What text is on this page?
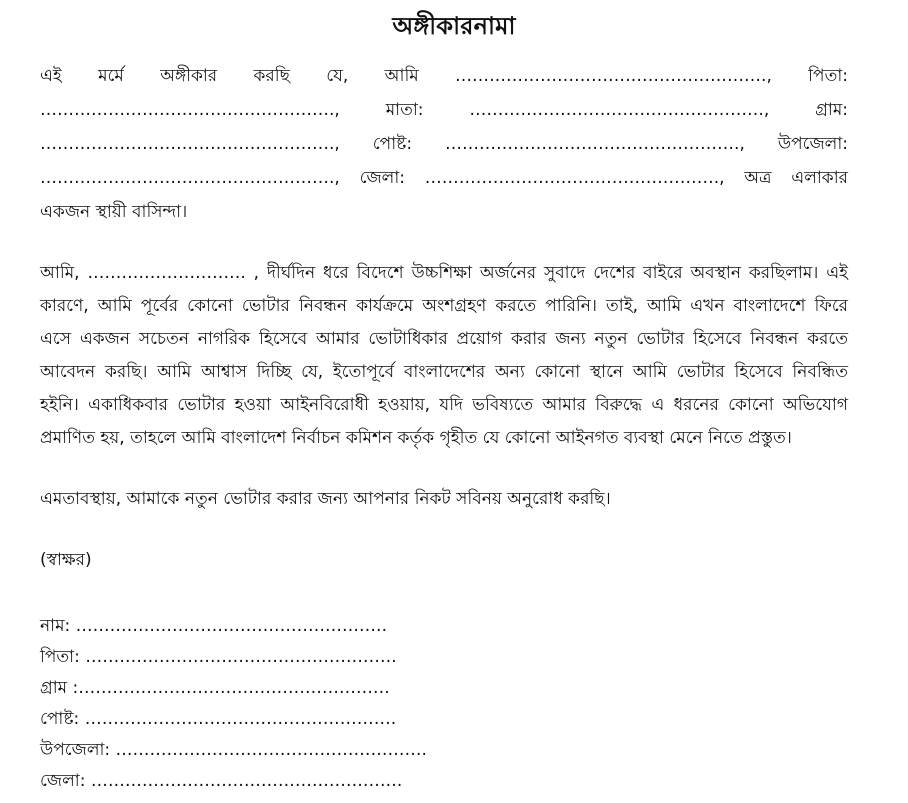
অঙ্গীকারনামা
এই মর্মে অঙ্গীকার করছি যে, আমি ………………………………………………., পিতা:
……………………………………………., মাতা: ……………………………………………., গ্রাম:
……………………………………………., পোষ্ট: ……………………………………………., উপজেলা:
……………………………………………., জেলা: ……………………………………………., অত্র এলাকার
একজন স্থায়ী বাসিন্দা।
আমি, ………………………. , দীর্ঘদিন ধরে বিদেশে উচ্চশিক্ষা অর্জনের সুবাদে দেশের বাইরে অবস্থান করছিলাম। এই
কারণে, আমি পূর্বের কোনো ভোটার নিবন্ধন কার্যক্রমে অংশগ্রহণ করতে পারিনি। তাই, আমি এখন বাংলাদেশে ফিরে
এসে একজন সচেতন নাগরিক হিসেবে আমার ভোটাধিকার প্রয়োগ করার জন্য নতুন ভোটার হিসেবে নিবন্ধন করতে
আবেদন করছি। আমি আশ্বাস দিচ্ছি যে, ইতোপূর্বে বাংলাদেশের অন্য কোনো স্থানে আমি ভোটার হিসেবে নিবন্ধিত
হইনি। একাধিকবার ভোটার হওয়া আইনবিরোধী হওয়ায়, যদি ভবিষ্যতে আমার বিরুদ্ধে এ ধরনের কোনো অভিযোগ
প্রমাণিত হয়, তাহলে আমি বাংলাদেশ নির্বাচন কমিশন কর্তৃক গৃহীত যে কোনো আইনগত ব্যবস্থা মেনে নিতে প্রস্তুত।
এমতাবস্থায়, আমাকে নতুন ভোটার করার জন্য আপনার নিকট সবিনয় অনুরোধ করছি।
(স্বাক্ষর)
নাম: ……………………………………………….
পিতা: ……………………………………………….
গ্রাম :……………………………………………….
পোষ্ট: ……………………………………………….
উপজেলা: ……………………………………………….
জেলা: ……………………………………………….
